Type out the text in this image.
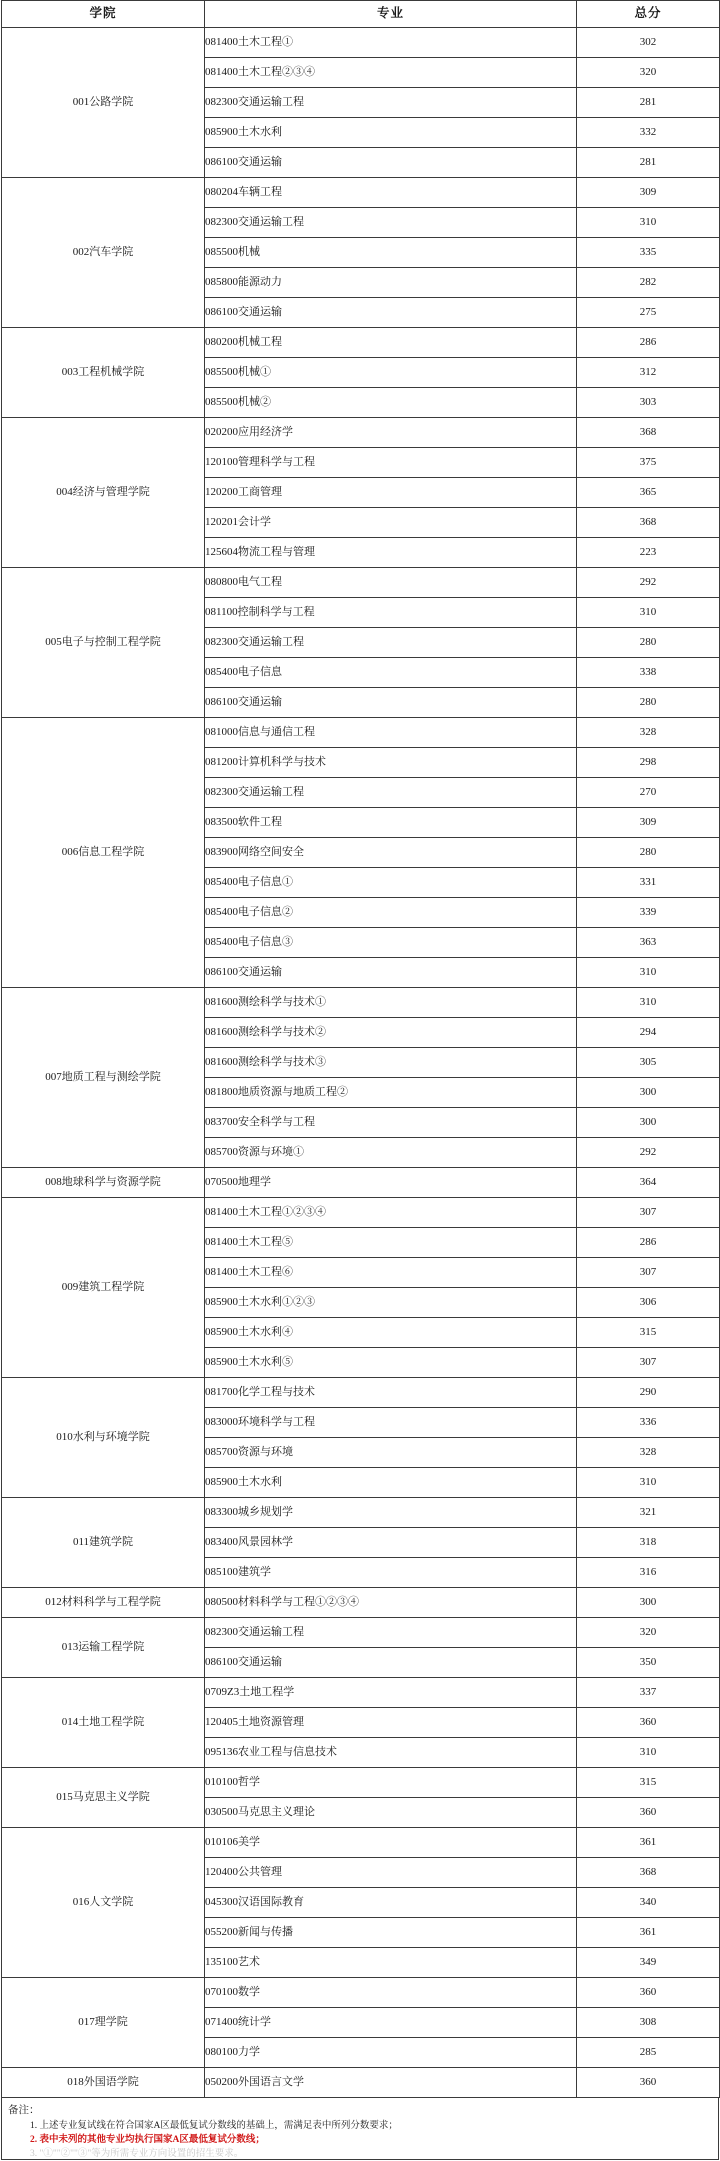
学院	专业	总分
001公路学院	081400土木工程①	302
	081400土木工程②③④	320
	082300交通运输工程	281
	085900土木水利	332
	086100交通运输	281
002汽车学院	080204车辆工程	309
	082300交通运输工程	310
	085500机械	335
	085800能源动力	282
	086100交通运输	275
003工程机械学院	080200机械工程	286
	085500机械①	312
	085500机械②	303
004经济与管理学院	020200应用经济学	368
	120100管理科学与工程	375
	120200工商管理	365
	120201会计学	368
	125604物流工程与管理	223
005电子与控制工程学院	080800电气工程	292
	081100控制科学与工程	310
	082300交通运输工程	280
	085400电子信息	338
	086100交通运输	280
006信息工程学院	081000信息与通信工程	328
	081200计算机科学与技术	298
	082300交通运输工程	270
	083500软件工程	309
	083900网络空间安全	280
	085400电子信息①	331
	085400电子信息②	339
	085400电子信息③	363
	086100交通运输	310
007地质工程与测绘学院	081600测绘科学与技术①	310
	081600测绘科学与技术②	294
	081600测绘科学与技术③	305
	081800地质资源与地质工程②	300
	083700安全科学与工程	300
	085700资源与环境①	292
008地球科学与资源学院	070500地理学	364
009建筑工程学院	081400土木工程①②③④	307
	081400土木工程⑤	286
	081400土木工程⑥	307
	085900土木水利①②③	306
	085900土木水利④	315
	085900土木水利⑤	307
010水利与环境学院	081700化学工程与技术	290
	083000环境科学与工程	336
	085700资源与环境	328
	085900土木水利	310
011建筑学院	083300城乡规划学	321
	083400风景园林学	318
	085100建筑学	316
012材料科学与工程学院	080500材料科学与工程①②③④	300
013运输工程学院	082300交通运输工程	320
	086100交通运输	350
014土地工程学院	0709Z3土地工程学	337
	120405土地资源管理	360
	095136农业工程与信息技术	310
015马克思主义学院	010100哲学	315
	030500马克思主义理论	360
016人文学院	010106美学	361
	120400公共管理	368
	045300汉语国际教育	340
	055200新闻与传播	361
	135100艺术	349
017理学院	070100数学	360
	071400统计学	308
	080100力学	285
018外国语学院	050200外国语言文学	360
备注：
1. 上述专业复试线在符合国家A区最低复试分数线的基础上，需满足表中所列分数要求；
2. 表中未列的其他专业均执行国家A区最低复试分数线；
3. "①""②""③"等为所需专业方向设置的招生要求。
